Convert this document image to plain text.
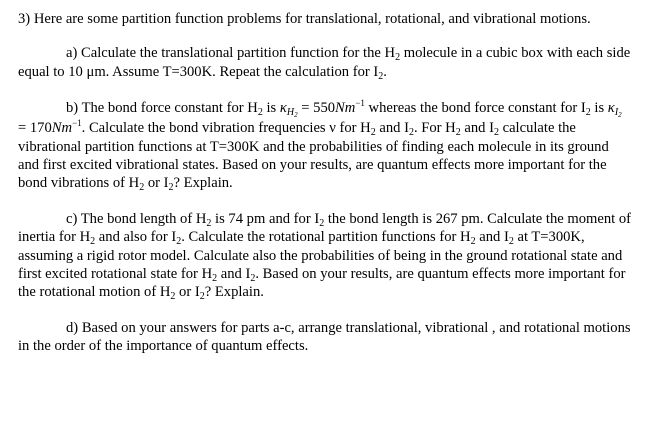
3) Here are some partition function problems for translational, rotational, and vibrational motions.

a) Calculate the translational partition function for the $H_2$ molecule in a cubic box with each side equal to 10 μm. Assume T=300K. Repeat the calculation for $I_2$.

b) The bond force constant for $H_2$ is $\kappa_{H_2} = 550Nm^{-1}$ whereas the bond force constant for $I_2$ is $\kappa_{I_2} = 170Nm^{-1}$. Calculate the bond vibration frequencies ν for $H_2$ and $I_2$. For $H_2$ and $I_2$ calculate the vibrational partition functions at T=300K and the probabilities of finding each molecule in its ground and first excited vibrational states. Based on your results, are quantum effects more important for the bond vibrations of $H_2$ or $I_2$? Explain.

c) The bond length of $H_2$ is 74 pm and for $I_2$ the bond length is 267 pm. Calculate the moment of inertia for $H_2$ and also for $I_2$. Calculate the rotational partition functions for $H_2$ and $I_2$ at T=300K, assuming a rigid rotor model. Calculate also the probabilities of being in the ground rotational state and first excited rotational state for $H_2$ and $I_2$. Based on your results, are quantum effects more important for the rotational motion of $H_2$ or $I_2$? Explain.

d) Based on your answers for parts a-c, arrange translational, vibrational , and rotational motions in the order of the importance of quantum effects.
